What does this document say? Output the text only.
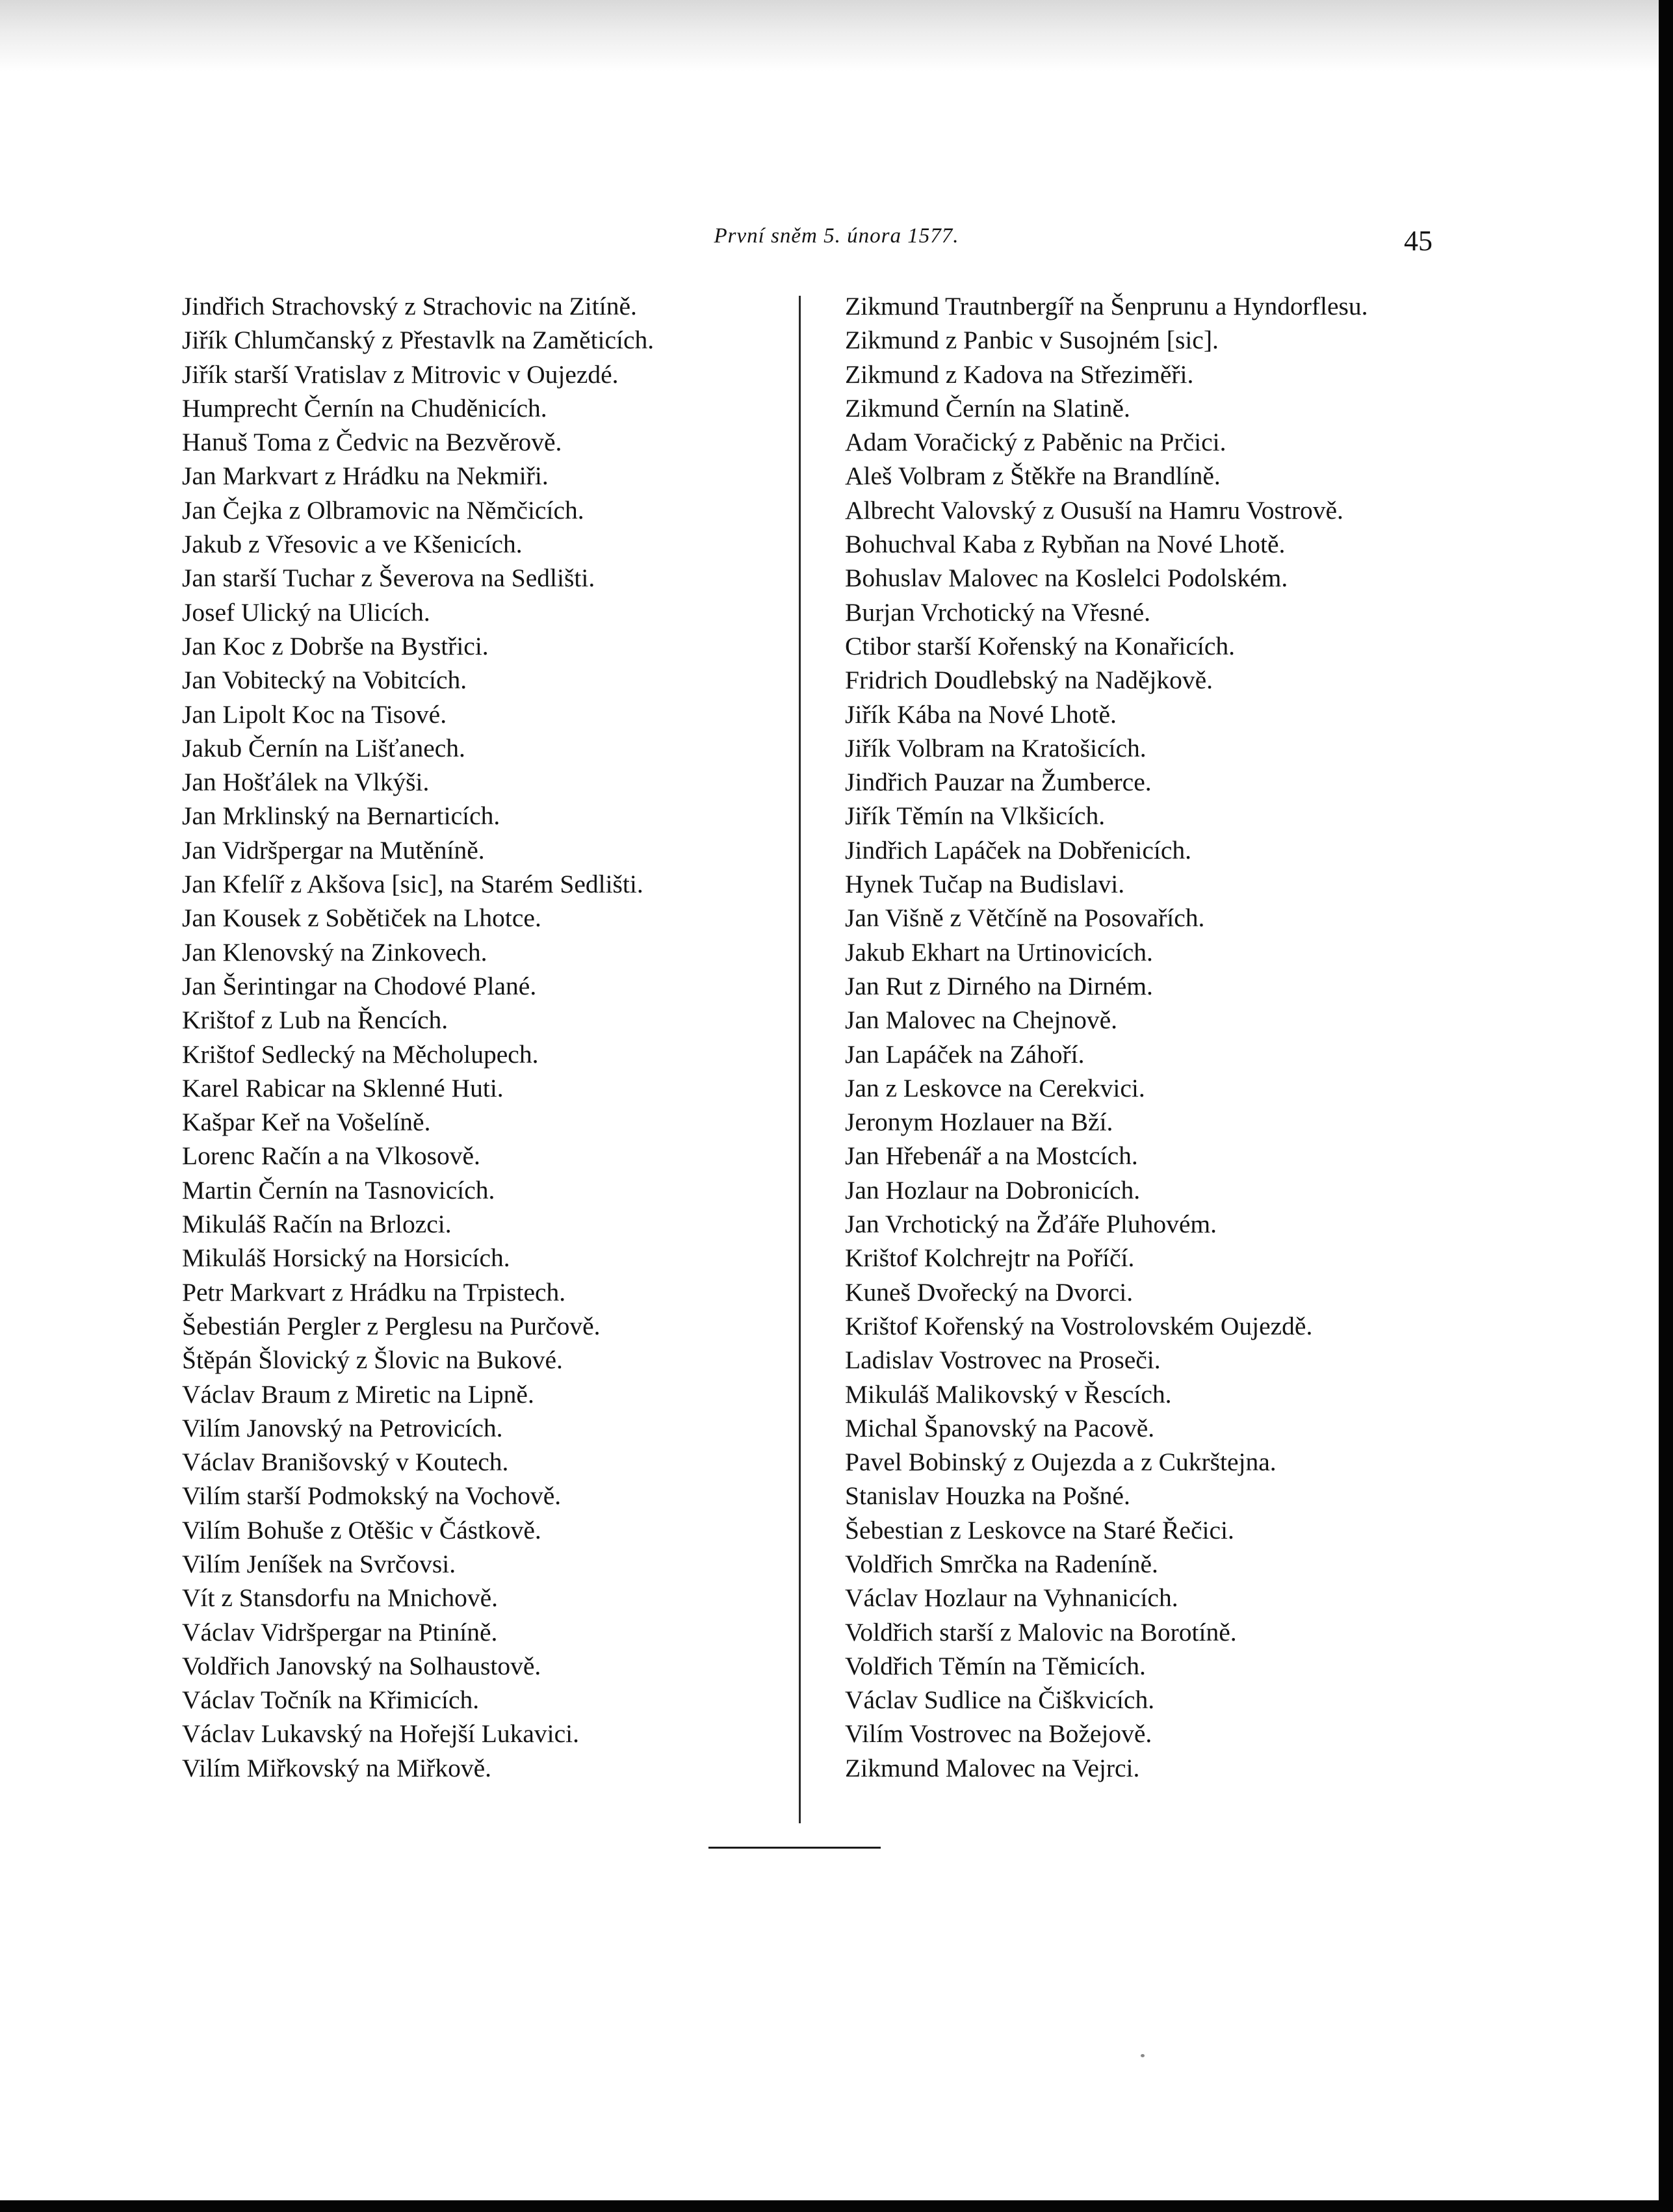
První sněm 5. února 1577.	45
Jindřich Strachovský z Strachovic na Zitíně.
Jiřík Chlumčanský z Přestavlk na Zaměticích.
Jiřík starší Vratislav z Mitrovic v Oujezdé.
Humprecht Černín na Chuděnicích.
Hanuš Toma z Čedvic na Bezvěrově.
Jan Markvart z Hrádku na Nekmiři.
Jan Čejka z Olbramovic na Němčicích.
Jakub z Vřesovic a ve Kšenicích.
Jan starší Tuchar z Ševerova na Sedlišti.
Josef Ulický na Ulicích.
Jan Koc z Dobrše na Bystřici.
Jan Vobitecký na Vobitcích.
Jan Lipolt Koc na Tisové.
Jakub Černín na Lišťanech.
Jan Hošťálek na Vlkýši.
Jan Mrklinský na Bernarticích.
Jan Vidršpergar na Mutěníně.
Jan Kfelíř z Akšova [sic], na Starém Sedlišti.
Jan Kousek z Sobětiček na Lhotce.
Jan Klenovský na Zinkovech.
Jan Šerintingar na Chodové Plané.
Krištof z Lub na Řencích.
Krištof Sedlecký na Měcholupech.
Karel Rabicar na Sklenné Huti.
Kašpar Keř na Vošelíně.
Lorenc Račín a na Vlkosově.
Martin Černín na Tasnovicích.
Mikuláš Račín na Brlozci.
Mikuláš Horsický na Horsicích.
Petr Markvart z Hrádku na Trpistech.
Šebestián Pergler z Perglesu na Purčově.
Štěpán Šlovický z Šlovic na Bukové.
Václav Braum z Miretic na Lipně.
Vilím Janovský na Petrovicích.
Václav Branišovský v Koutech.
Vilím starší Podmokský na Vochově.
Vilím Bohuše z Otěšic v Částkově.
Vilím Jeníšek na Svrčovsi.
Vít z Stansdorfu na Mnichově.
Václav Vidršpergar na Ptiníně.
Voldřich Janovský na Solhaustově.
Václav Točník na Křimicích.
Václav Lukavský na Hořejší Lukavici.
Vilím Miřkovský na Miřkově.
Zikmund Trautnbergíř na Šenprunu a Hyndorflesu.
Zikmund z Panbic v Susojném [sic].
Zikmund z Kadova na Střeziměři.
Zikmund Černín na Slatině.
Adam Voračický z Paběnic na Prčici.
Aleš Volbram z Štěkře na Brandlíně.
Albrecht Valovský z Ousuší na Hamru Vostrově.
Bohuchval Kaba z Rybňan na Nové Lhotě.
Bohuslav Malovec na Koslelci Podolském.
Burjan Vrchotický na Vřesné.
Ctibor starší Kořenský na Konařicích.
Fridrich Doudlebský na Nadějkově.
Jiřík Kába na Nové Lhotě.
Jiřík Volbram na Kratošicích.
Jindřich Pauzar na Žumberce.
Jiřík Těmín na Vlkšicích.
Jindřich Lapáček na Dobřenicích.
Hynek Tučap na Budislavi.
Jan Višně z Větčíně na Posovařích.
Jakub Ekhart na Urtinovicích.
Jan Rut z Dirného na Dirném.
Jan Malovec na Chejnově.
Jan Lapáček na Záhoří.
Jan z Leskovce na Cerekvici.
Jeronym Hozlauer na Bží.
Jan Hřebenář a na Mostcích.
Jan Hozlaur na Dobronicích.
Jan Vrchotický na Žďáře Pluhovém.
Krištof Kolchrejtr na Poříčí.
Kuneš Dvořecký na Dvorci.
Krištof Kořenský na Vostrolovském Oujezdě.
Ladislav Vostrovec na Proseči.
Mikuláš Malikovský v Řescích.
Michal Španovský na Pacově.
Pavel Bobinský z Oujezda a z Cukrštejna.
Stanislav Houzka na Pošné.
Šebestian z Leskovce na Staré Řečici.
Voldřich Smrčka na Radeníně.
Václav Hozlaur na Vyhnanicích.
Voldřich starší z Malovic na Borotíně.
Voldřich Těmín na Těmicích.
Václav Sudlice na Čiškvicích.
Vilím Vostrovec na Božejově.
Zikmund Malovec na Vejrci.
